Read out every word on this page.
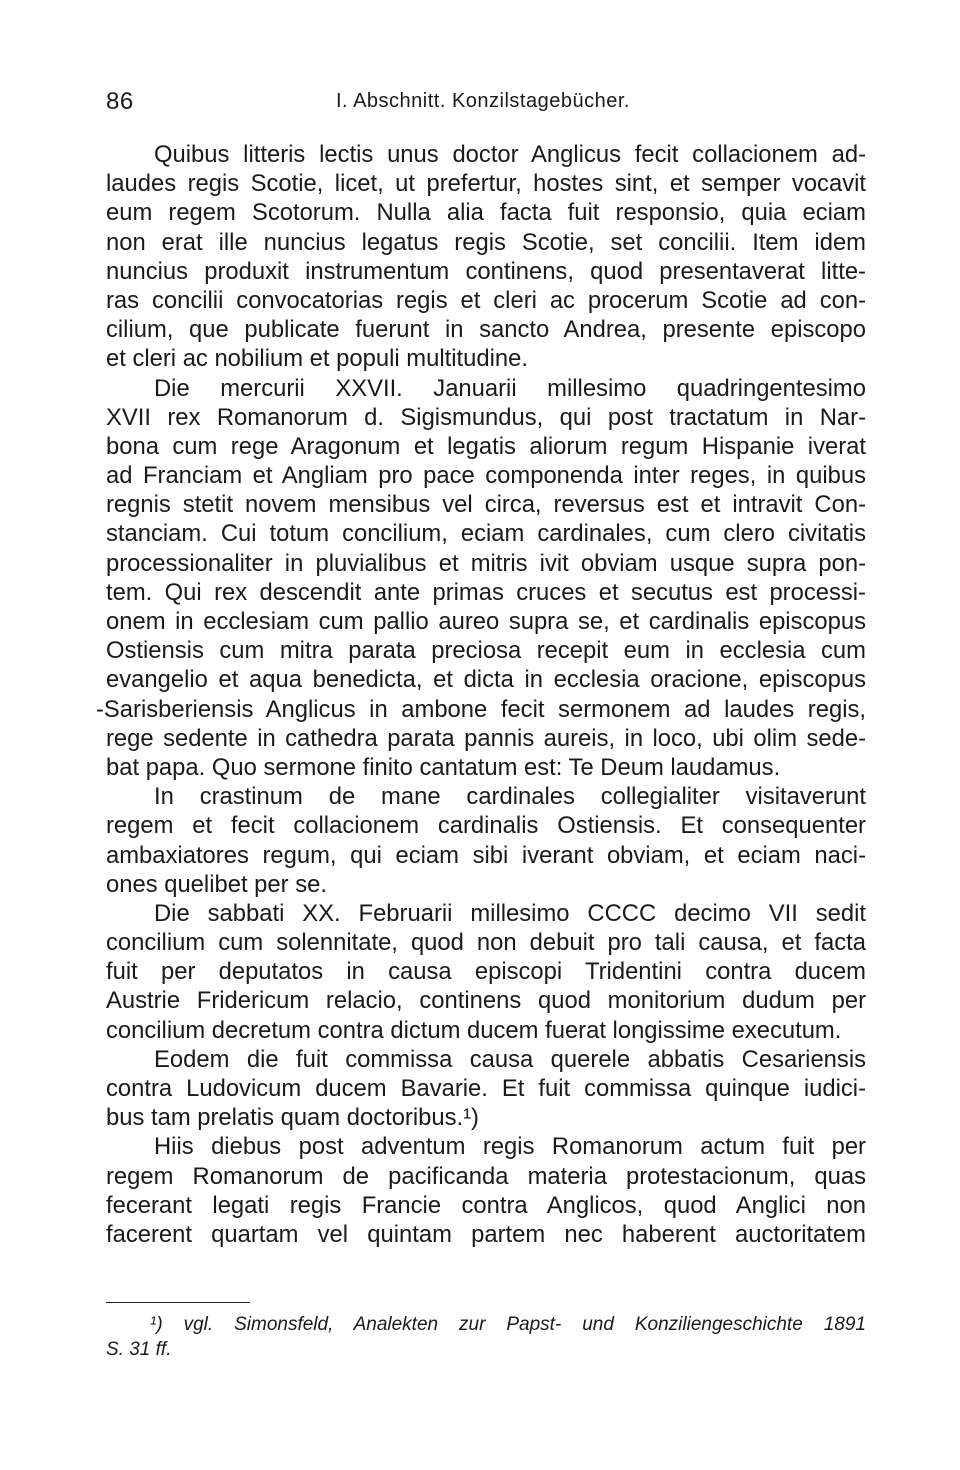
86	I. Abschnitt. Konzilstagebücher.
Quibus litteris lectis unus doctor Anglicus fecit collacionem ad-
laudes regis Scotie, licet, ut prefertur, hostes sint, et semper vocavit
eum regem Scotorum. Nulla alia facta fuit responsio, quia eciam
non erat ille nuncius legatus regis Scotie, set concilii. Item idem
nuncius produxit instrumentum continens, quod presentaverat litte-
ras concilii convocatorias regis et cleri ac procerum Scotie ad con-
cilium, que publicate fuerunt in sancto Andrea, presente episcopo
et cleri ac nobilium et populi multitudine.
Die mercurii XXVII. Januarii millesimo quadringentesimo
XVII rex Romanorum d. Sigismundus, qui post tractatum in Nar-
bona cum rege Aragonum et legatis aliorum regum Hispanie iverat
ad Franciam et Angliam pro pace componenda inter reges, in quibus
regnis stetit novem mensibus vel circa, reversus est et intravit Con-
stanciam. Cui totum concilium, eciam cardinales, cum clero civitatis
processionaliter in pluvialibus et mitris ivit obviam usque supra pon-
tem. Qui rex descendit ante primas cruces et secutus est processi-
onem in ecclesiam cum pallio aureo supra se, et cardinalis episcopus
Ostiensis cum mitra parata preciosa recepit eum in ecclesia cum
evangelio et aqua benedicta, et dicta in ecclesia oracione, episcopus
-Sarisberiensis Anglicus in ambone fecit sermonem ad laudes regis,
rege sedente in cathedra parata pannis aureis, in loco, ubi olim sede-
bat papa. Quo sermone finito cantatum est: Te Deum laudamus.
In crastinum de mane cardinales collegialiter visitaverunt
regem et fecit collacionem cardinalis Ostiensis. Et consequenter
ambaxiatores regum, qui eciam sibi iverant obviam, et eciam naci-
ones quelibet per se.
Die sabbati XX. Februarii millesimo CCCC decimo VII sedit
concilium cum solennitate, quod non debuit pro tali causa, et facta
fuit per deputatos in causa episcopi Tridentini contra ducem
Austrie Fridericum relacio, continens quod monitorium dudum per
concilium decretum contra dictum ducem fuerat longissime executum.
Eodem die fuit commissa causa querele abbatis Cesariensis
contra Ludovicum ducem Bavarie. Et fuit commissa quinque iudici-
bus tam prelatis quam doctoribus.¹)
Hiis diebus post adventum regis Romanorum actum fuit per
regem Romanorum de pacificanda materia protestacionum, quas
fecerant legati regis Francie contra Anglicos, quod Anglici non
facerent quartam vel quintam partem nec haberent auctoritatem
¹) vgl. Simonsfeld, Analekten zur Papst- und Konziliengeschichte 1891
S. 31 ff.
